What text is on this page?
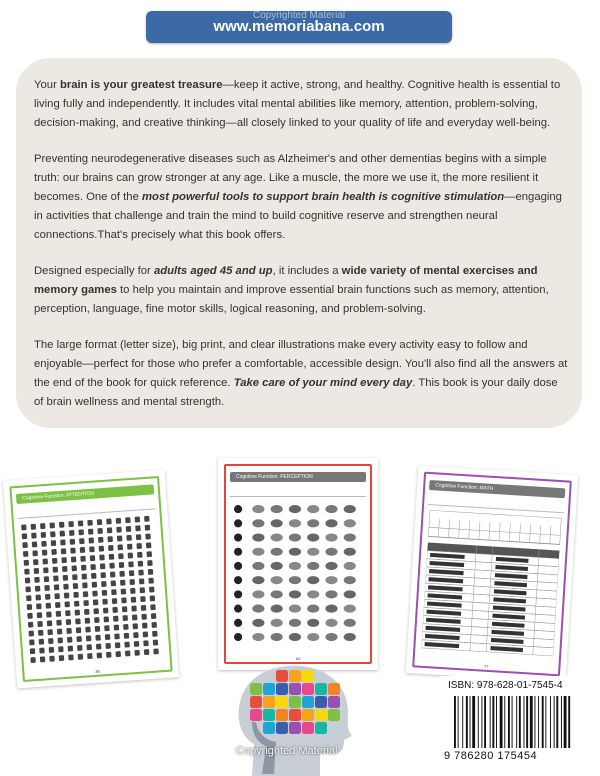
Copyrighted Material
www.memoriabana.com

Your brain is your greatest treasure—keep it active, strong, and healthy. Cognitive health is essential to living fully and independently. It includes vital mental abilities like memory, attention, problem-solving, decision-making, and creative thinking—all closely linked to your quality of life and everyday well-being.

Preventing neurodegenerative diseases such as Alzheimer's and other dementias begins with a simple truth: our brains can grow stronger at any age. Like a muscle, the more we use it, the more resilient it becomes. One of the most powerful tools to support brain health is cognitive stimulation—engaging in activities that challenge and train the mind to build cognitive reserve and strengthen neural connections.That's precisely what this book offers.

Designed especially for adults aged 45 and up, it includes a wide variety of mental exercises and memory games to help you maintain and improve essential brain functions such as memory, attention, perception, language, fine motor skills, logical reasoning, and problem-solving.

The large format (letter size), big print, and clear illustrations make every activity easy to follow and enjoyable—perfect for those who prefer a comfortable, accessible design. You'll also find all the answers at the end of the book for quick reference. Take care of your mind every day. This book is your daily dose of brain wellness and mental strength.

Cognitive Function: ATTENTION
38
Cognitive Function: PERCEPTION
84
Cognitive Function: MATH
77
Copyrighted Material
ISBN: 978-628-01-7545-4
9 786280 175454
